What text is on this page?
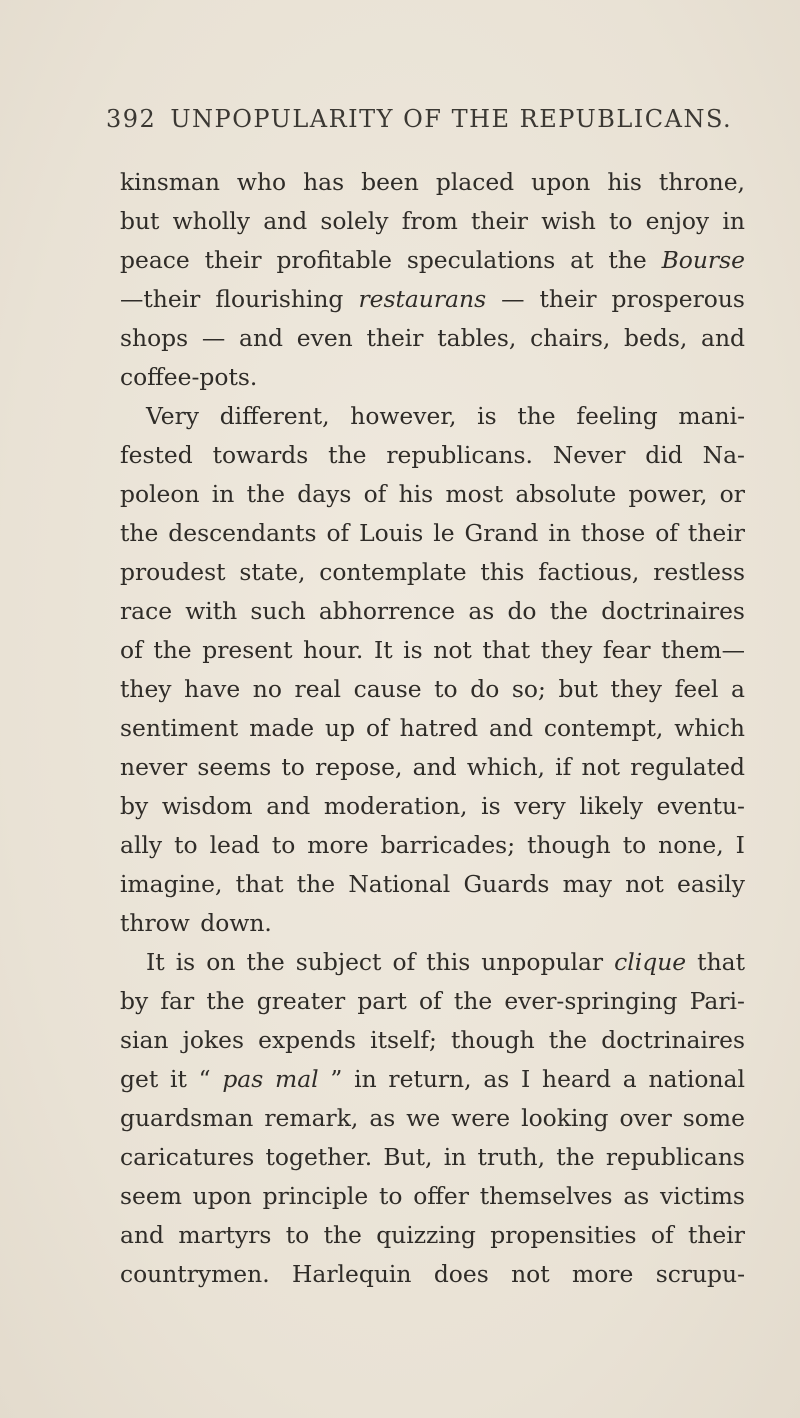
392 UNPOPULARITY OF THE REPUBLICANS.
kinsman who has been placed upon his throne,
but wholly and solely from their wish to enjoy in
peace their profitable speculations at the Bourse
—their flourishing restaurans — their prosperous
shops — and even their tables, chairs, beds, and
coffee-pots.
Very different, however, is the feeling mani-
fested towards the republicans. Never did Na-
poleon in the days of his most absolute power, or
the descendants of Louis le Grand in those of their
proudest state, contemplate this factious, restless
race with such abhorrence as do the doctrinaires
of the present hour. It is not that they fear them—
they have no real cause to do so; but they feel a
sentiment made up of hatred and contempt, which
never seems to repose, and which, if not regulated
by wisdom and moderation, is very likely eventu-
ally to lead to more barricades; though to none, I
imagine, that the National Guards may not easily
throw down.
It is on the subject of this unpopular clique that
by far the greater part of the ever-springing Pari-
sian jokes expends itself; though the doctrinaires
get it “ pas mal ” in return, as I heard a national
guardsman remark, as we were looking over some
caricatures together. But, in truth, the republicans
seem upon principle to offer themselves as victims
and martyrs to the quizzing propensities of their
countrymen. Harlequin does not more scrupu-
